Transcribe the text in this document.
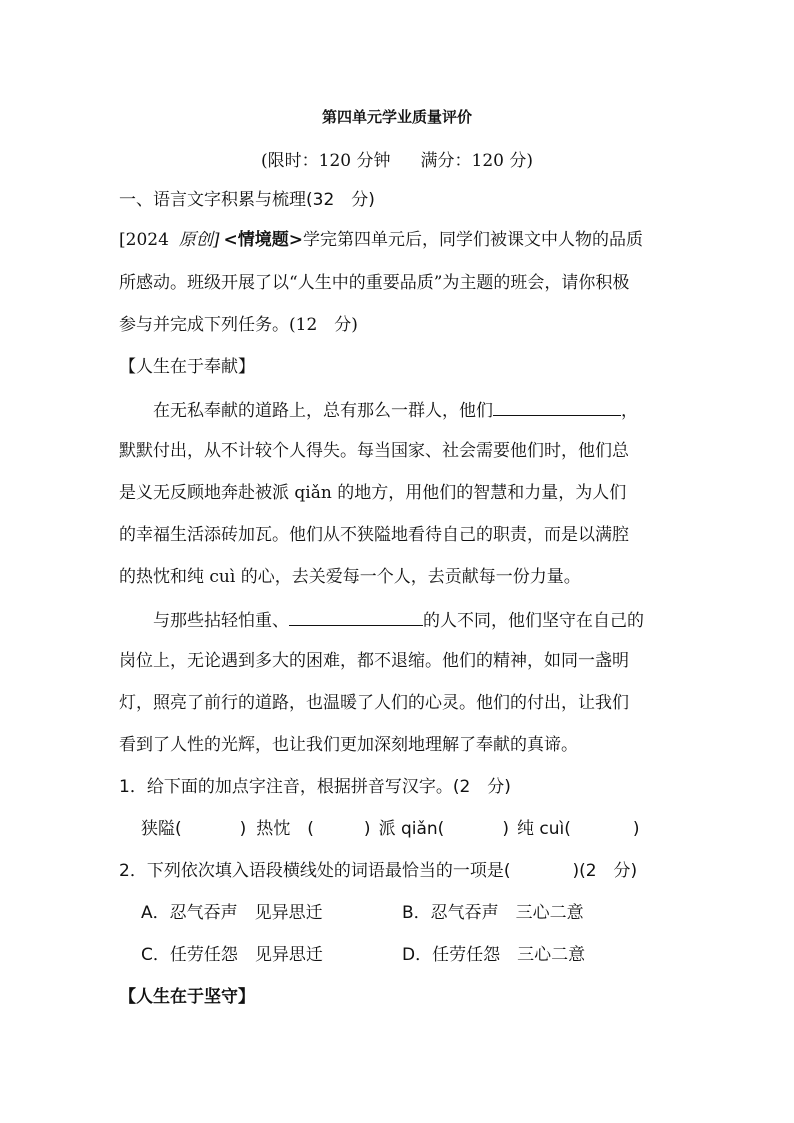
第四单元学业质量评价
(限时：120 分钟 满分：120 分)
一、语言文字积累与梳理(32　分)
[2024 原创] <情境题>学完第四单元后，同学们被课文中人物的品质
所感动。班级开展了以“人生中的重要品质”为主题的班会，请你积极
参与并完成下列任务。(12　分)
【人生在于奉献】
在无私奉献的道路上，总有那么一群人，他们	，
默默付出，从不计较个人得失。每当国家、社会需要他们时，他们总
是义无反顾地奔赴被派 qiǎn 的地方，用他们的智慧和力量，为人们
的幸福生活添砖加瓦。他们从不狭隘地看待自己的职责，而是以满腔
的热忱和纯 cuì 的心，去关爱每一个人，去贡献每一份力量。
与那些拈轻怕重、	的人不同，他们坚守在自己的
岗位上，无论遇到多大的困难，都不退缩。他们的精神，如同一盏明
灯，照亮了前行的道路，也温暖了人们的心灵。他们的付出，让我们
看到了人性的光辉，也让我们更加深刻地理解了奉献的真谛。
1．给下面的加点字注音，根据拼音写汉字。(2　分)
狭隘(	) 热忱　(	) 派 qiǎn(	) 纯 cuì(	)
2．下列依次填入语段横线处的词语最恰当的一项是(	)(2　分)
A．忍气吞声　见异思迁	B．忍气吞声　三心二意
C．任劳任怨　见异思迁	D．任劳任怨　三心二意
【人生在于坚守】
